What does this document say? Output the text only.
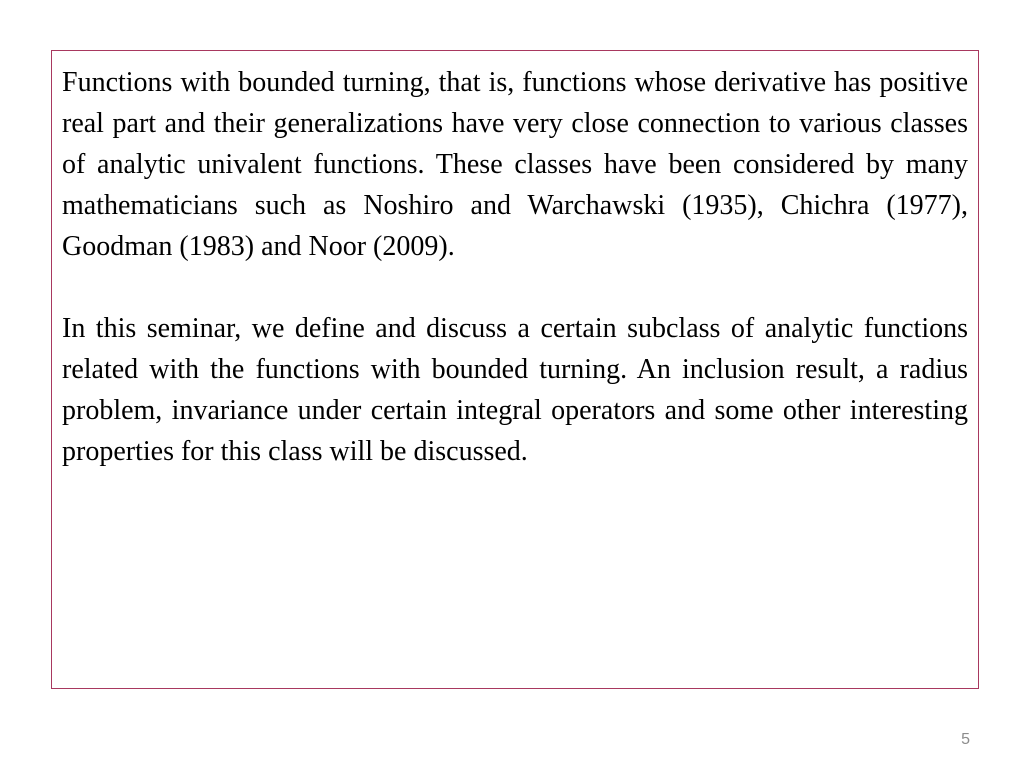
Functions with bounded turning, that is, functions whose derivative has positive real part and their generalizations have very close connection to various classes of analytic univalent functions. These classes have been considered by many mathematicians such as Noshiro and Warchawski (1935), Chichra (1977), Goodman (1983) and Noor (2009).

In this seminar, we define and discuss a certain subclass of analytic functions related with the functions with bounded turning. An inclusion result, a radius problem, invariance under certain integral operators and some other interesting properties for this class will be discussed.

5
